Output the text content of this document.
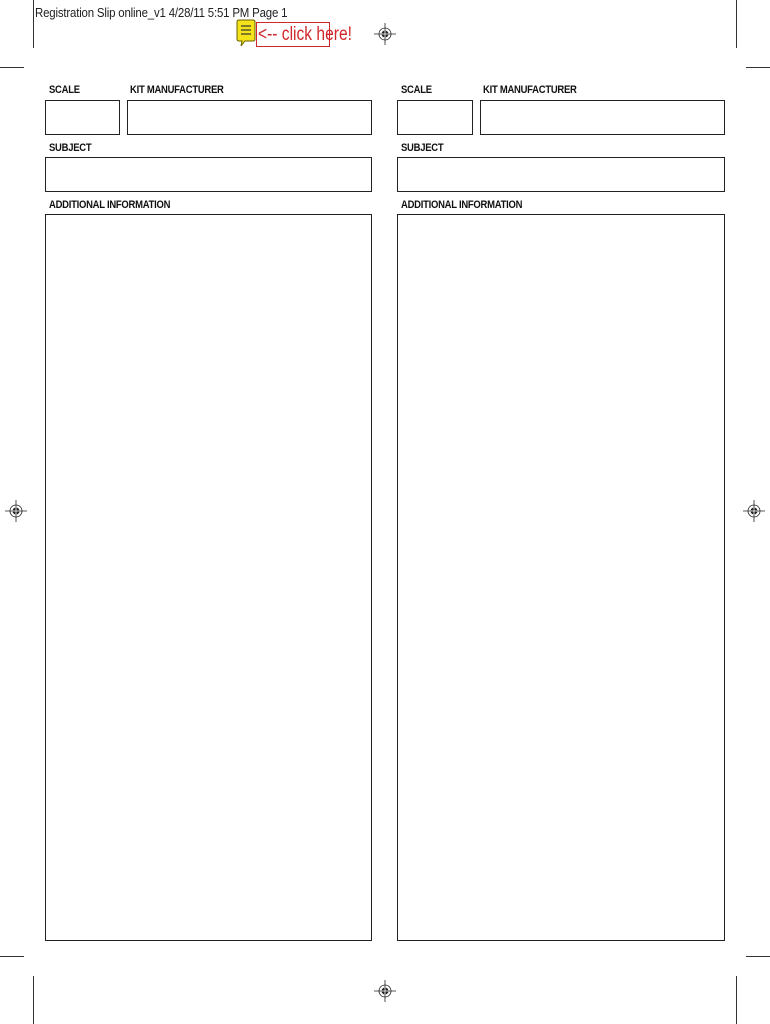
Registration Slip online_v1 4/28/11 5:51 PM Page 1
<-- click here!
SCALE	KIT MANUFACTURER
SUBJECT
ADDITIONAL INFORMATION
SCALE	KIT MANUFACTURER
SUBJECT
ADDITIONAL INFORMATION
